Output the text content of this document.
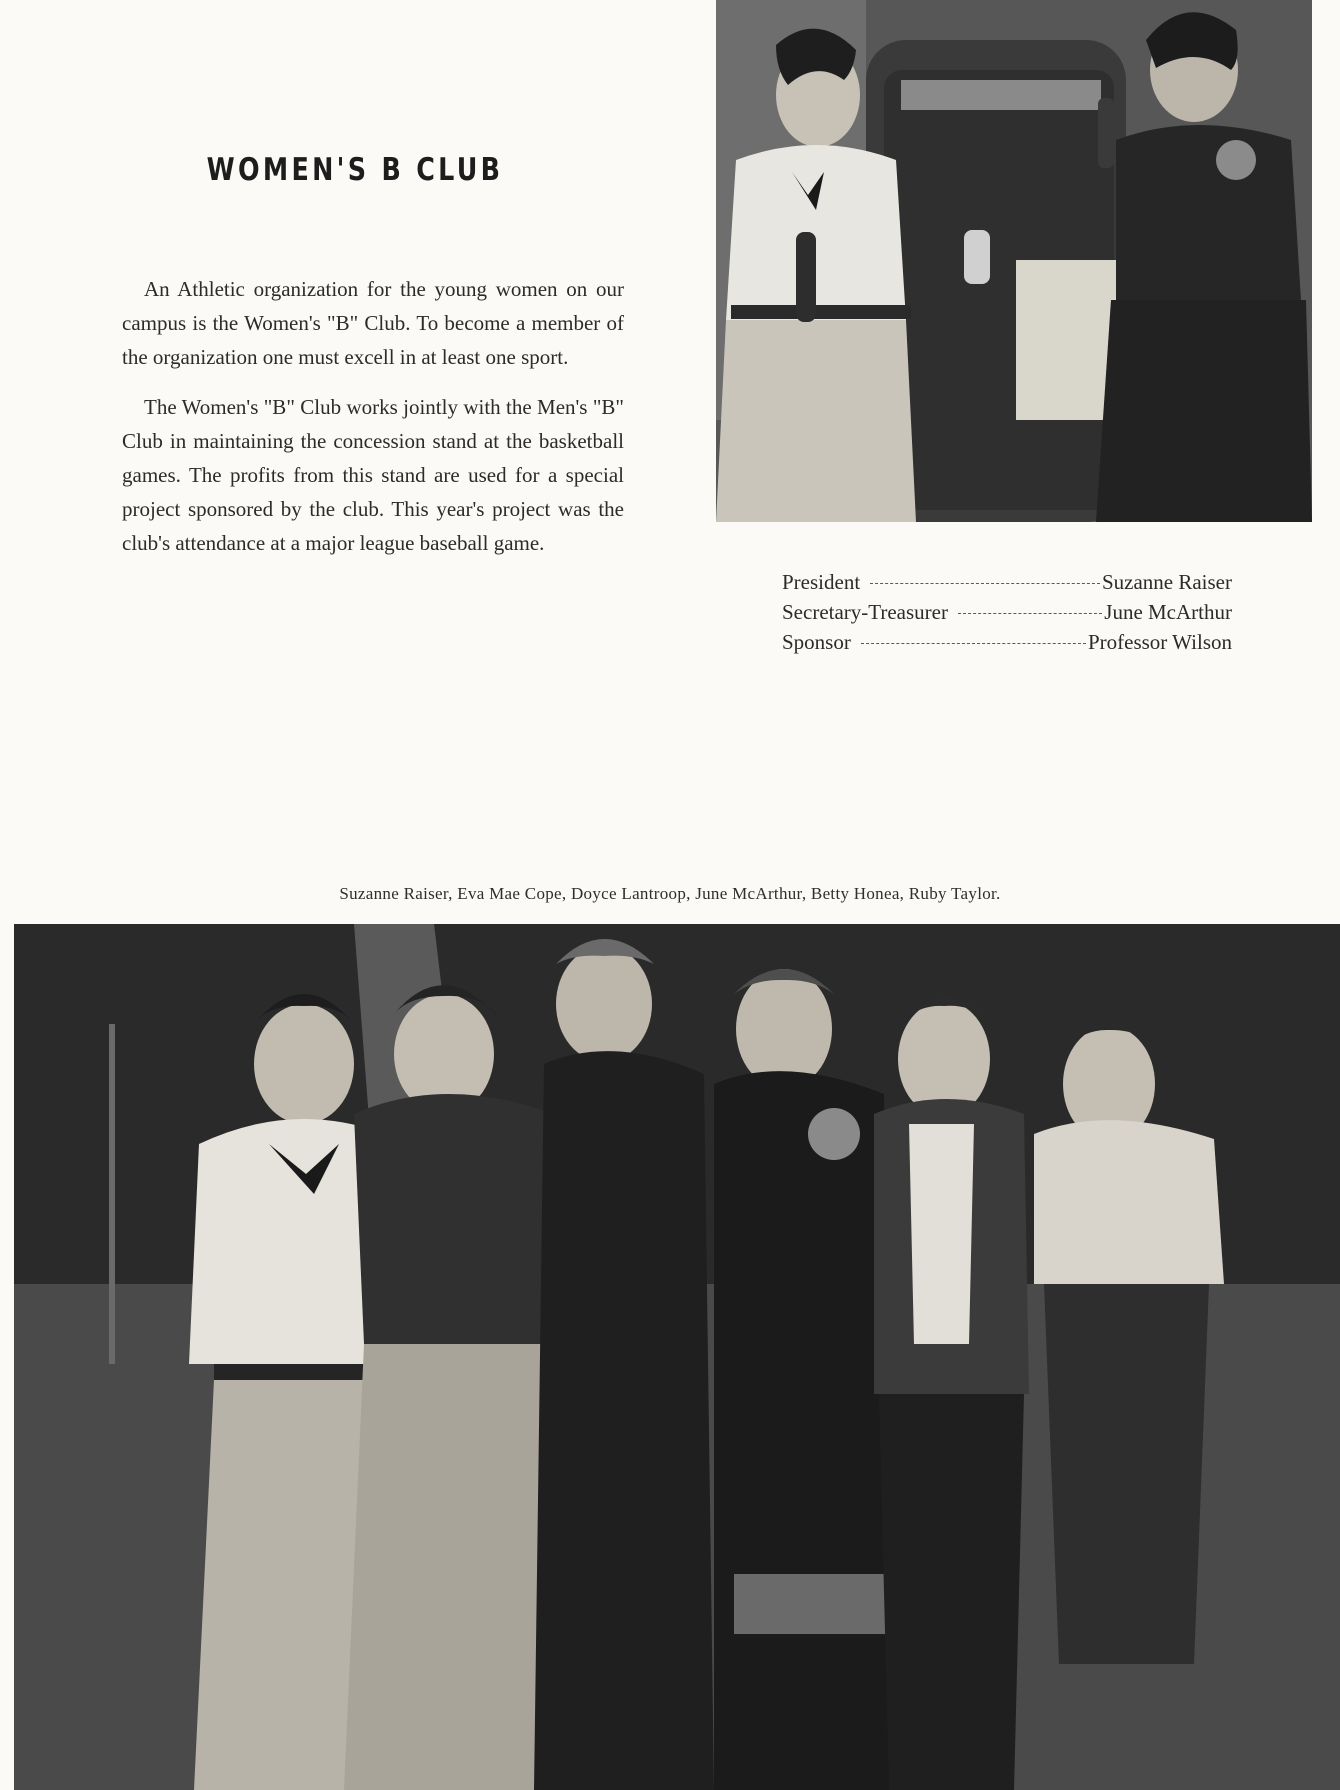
WOMEN'S B CLUB

An Athletic organization for the young women on our campus is the Women's "B" Club. To become a member of the organization one must excell in at least one sport.

The Women's "B" Club works jointly with the Men's "B" Club in maintaining the concession stand at the basketball games. The profits from this stand are used for a special project sponsored by the club. This year's project was the club's attendance at a major league baseball game.

President	Suzanne Raiser
Secretary-Treasurer	June McArthur
Sponsor	Professor Wilson
Suzanne Raiser, Eva Mae Cope, Doyce Lantroop, June McArthur, Betty Honea, Ruby Taylor.
